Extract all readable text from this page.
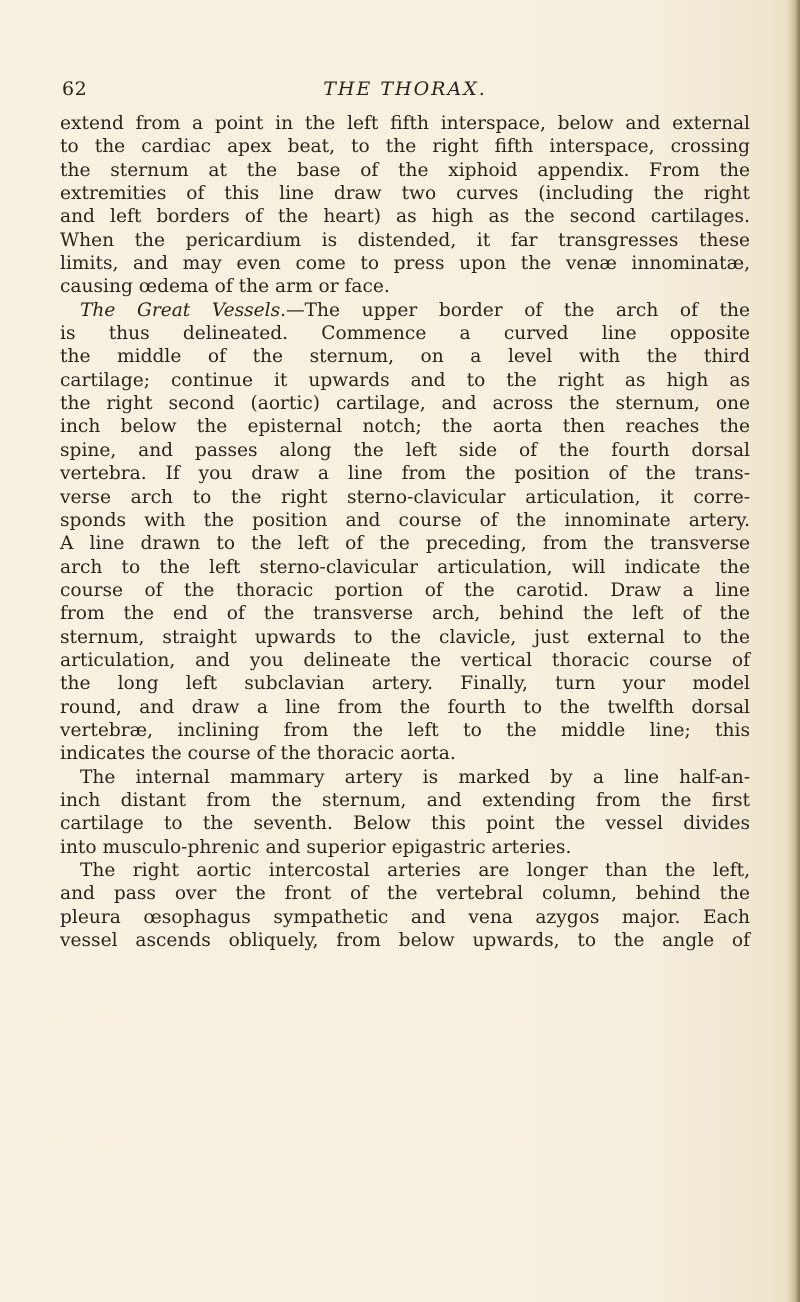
62	THE THORAX.
extend from a point in the left fifth interspace, below and external
to the cardiac apex beat, to the right fifth interspace, crossing
the sternum at the base of the xiphoid appendix. From the
extremities of this line draw two curves (including the right
and left borders of the heart) as high as the second cartilages.
When the pericardium is distended, it far transgresses these
limits, and may even come to press upon the venæ innominatæ,
causing œdema of the arm or face.
The Great Vessels.—The upper border of the arch of the
is thus delineated. Commence a curved line opposite
the middle of the sternum, on a level with the third
cartilage; continue it upwards and to the right as high as
the right second (aortic) cartilage, and across the sternum, one
inch below the episternal notch; the aorta then reaches the
spine, and passes along the left side of the fourth dorsal
vertebra. If you draw a line from the position of the trans-
verse arch to the right sterno-clavicular articulation, it corre-
sponds with the position and course of the innominate artery.
A line drawn to the left of the preceding, from the transverse
arch to the left sterno-clavicular articulation, will indicate the
course of the thoracic portion of the carotid. Draw a line
from the end of the transverse arch, behind the left of the
sternum, straight upwards to the clavicle, just external to the
articulation, and you delineate the vertical thoracic course of
the long left subclavian artery. Finally, turn your model
round, and draw a line from the fourth to the twelfth dorsal
vertebræ, inclining from the left to the middle line; this
indicates the course of the thoracic aorta.
The internal mammary artery is marked by a line half-an-
inch distant from the sternum, and extending from the first
cartilage to the seventh. Below this point the vessel divides
into musculo-phrenic and superior epigastric arteries.
The right aortic intercostal arteries are longer than the left,
and pass over the front of the vertebral column, behind the
pleura œsophagus sympathetic and vena azygos major. Each
vessel ascends obliquely, from below upwards, to the angle of
